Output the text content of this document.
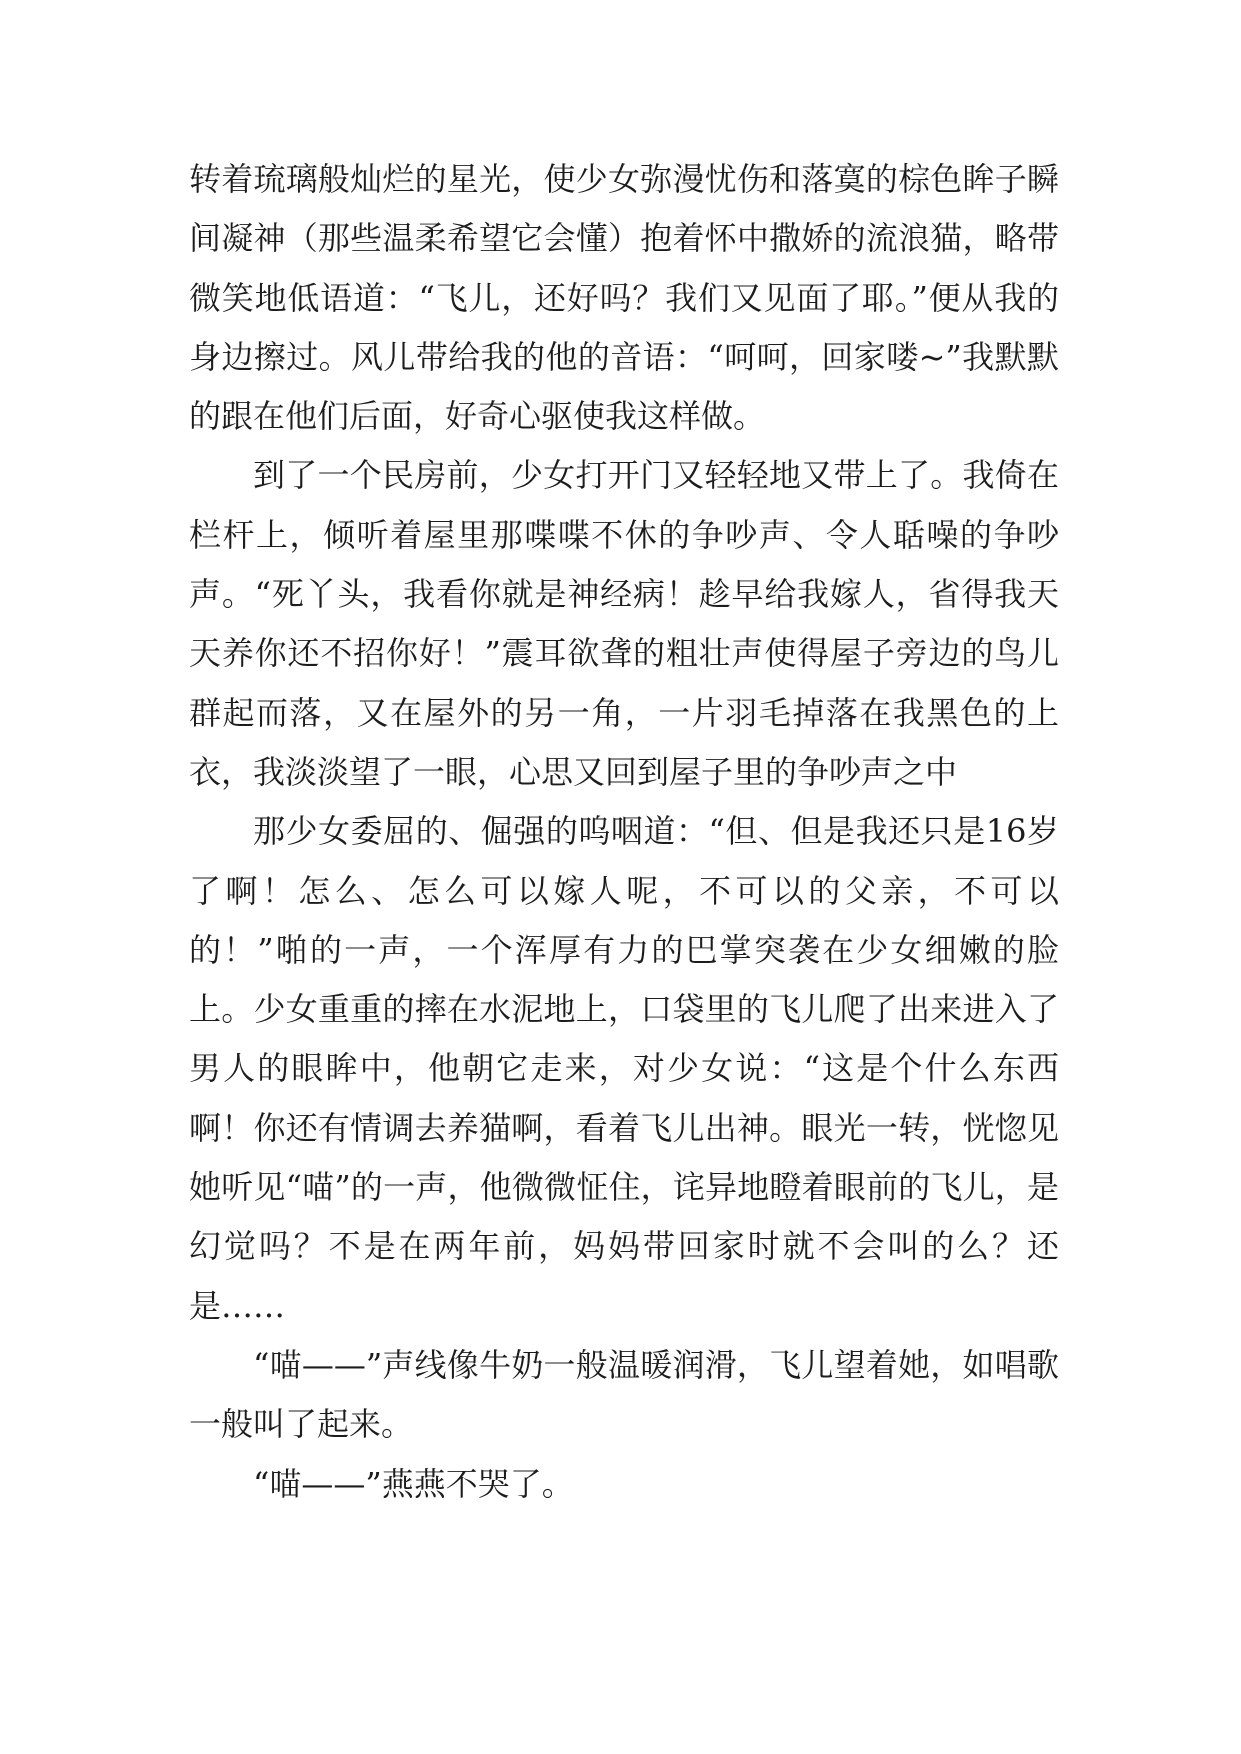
转着琉璃般灿烂的星光，使少女弥漫忧伤和落寞的棕色眸子瞬间凝神（那些温柔希望它会懂）抱着怀中撒娇的流浪猫，略带微笑地低语道：“飞儿，还好吗？我们又见面了耶。”便从我的身边擦过。风儿带给我的他的音语：“呵呵，回家喽~”我默默的跟在他们后面，好奇心驱使我这样做。

到了一个民房前，少女打开门又轻轻地又带上了。我倚在栏杆上，倾听着屋里那喋喋不休的争吵声、令人聒噪的争吵声。“死丫头，我看你就是神经病！趁早给我嫁人，省得我天天养你还不招你好！”震耳欲聋的粗壮声使得屋子旁边的鸟儿群起而落，又在屋外的另一角，一片羽毛掉落在我黑色的上衣，我淡淡望了一眼，心思又回到屋子里的争吵声之中

那少女委屈的、倔强的呜咽道：“但、但是我还只是16岁了啊！怎么、怎么可以嫁人呢，不可以的父亲，不可以的！”啪的一声，一个浑厚有力的巴掌突袭在少女细嫩的脸上。少女重重的摔在水泥地上，口袋里的飞儿爬了出来进入了男人的眼眸中，他朝它走来，对少女说：“这是个什么东西啊！你还有情调去养猫啊，看着飞儿出神。眼光一转，恍惚见她听见“喵”的一声，他微微怔住，诧异地瞪着眼前的飞儿，是幻觉吗？不是在两年前，妈妈带回家时就不会叫的么？还是……

“喵——”声线像牛奶一般温暖润滑，飞儿望着她，如唱歌一般叫了起来。

“喵——”燕燕不哭了。
